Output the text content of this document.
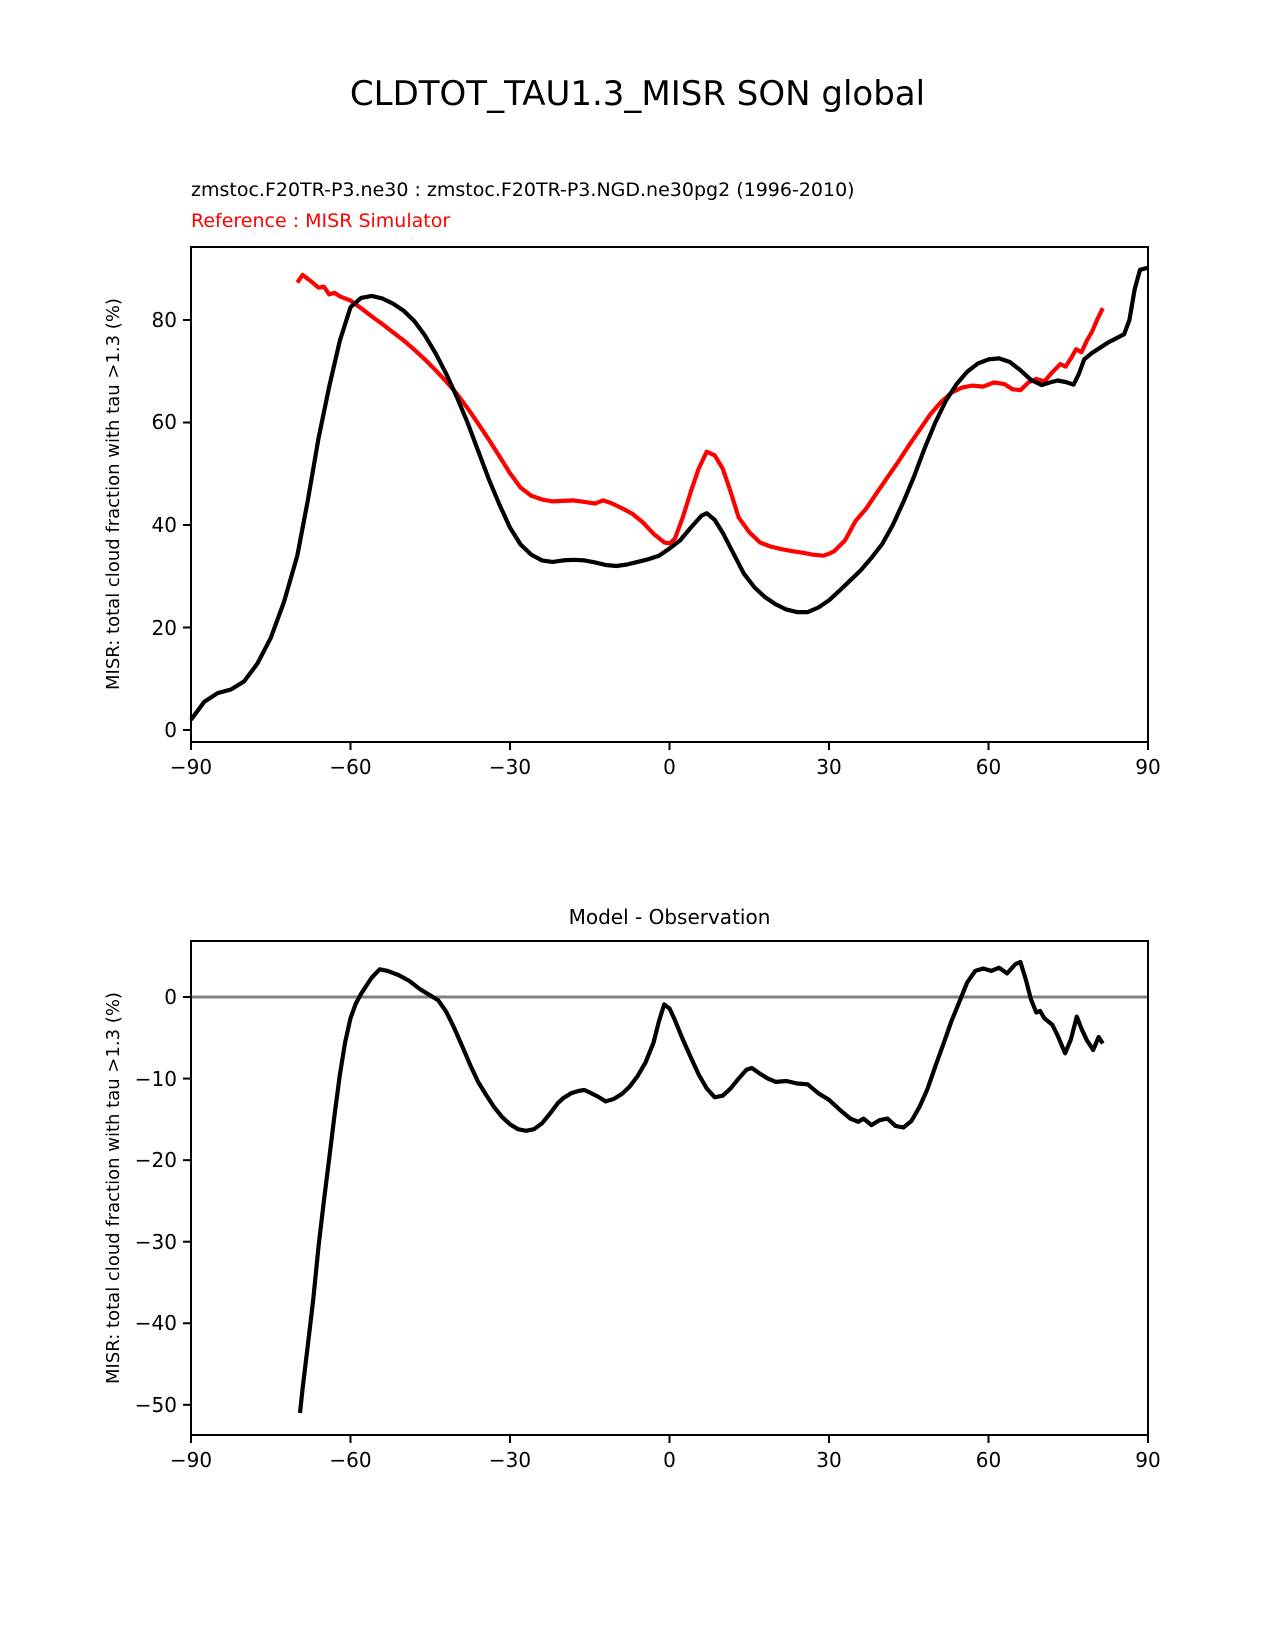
CLDTOT_TAU1.3_MISR SON global
zmstoc.F20TR-P3.ne30 : zmstoc.F20TR-P3.NGD.ne30pg2 (1996-2010)
Reference : MISR Simulator
Model - Observation
MISR: total cloud fraction with tau >1.3 (%)
MISR: total cloud fraction with tau >1.3 (%)
−90	−60	−30	0	30	60	90
0
20
40
60
80
−90	−60	−30	0	30	60	90
0
−10
−20
−30
−40
−50
